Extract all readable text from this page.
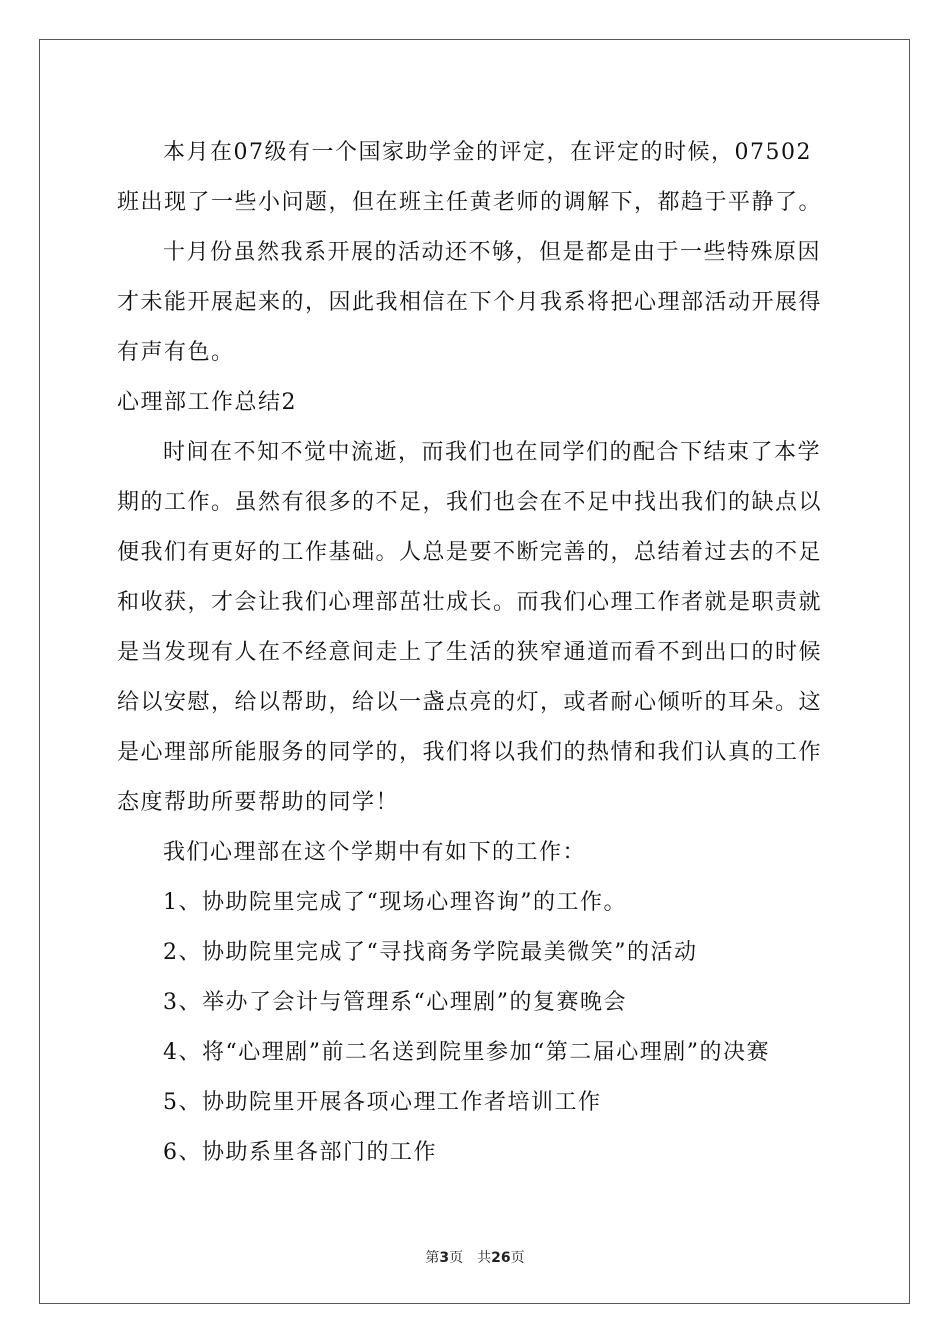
本月在07级有一个国家助学金的评定，在评定的时候，07502

班出现了一些小问题，但在班主任黄老师的调解下，都趋于平静了。

十月份虽然我系开展的活动还不够，但是都是由于一些特殊原因

才未能开展起来的，因此我相信在下个月我系将把心理部活动开展得

有声有色。

心理部工作总结2

时间在不知不觉中流逝，而我们也在同学们的配合下结束了本学

期的工作。虽然有很多的不足，我们也会在不足中找出我们的缺点以

便我们有更好的工作基础。人总是要不断完善的，总结着过去的不足

和收获，才会让我们心理部茁壮成长。而我们心理工作者就是职责就

是当发现有人在不经意间走上了生活的狭窄通道而看不到出口的时候

给以安慰，给以帮助，给以一盏点亮的灯，或者耐心倾听的耳朵。这

是心理部所能服务的同学的，我们将以我们的热情和我们认真的工作

态度帮助所要帮助的同学！

我们心理部在这个学期中有如下的工作：

1、协助院里完成了“现场心理咨询”的工作。

2、协助院里完成了“寻找商务学院最美微笑”的活动

3、举办了会计与管理系“心理剧”的复赛晚会

4、将“心理剧”前二名送到院里参加“第二届心理剧”的决赛

5、协助院里开展各项心理工作者培训工作

6、协助系里各部门的工作

第3页　共26页
